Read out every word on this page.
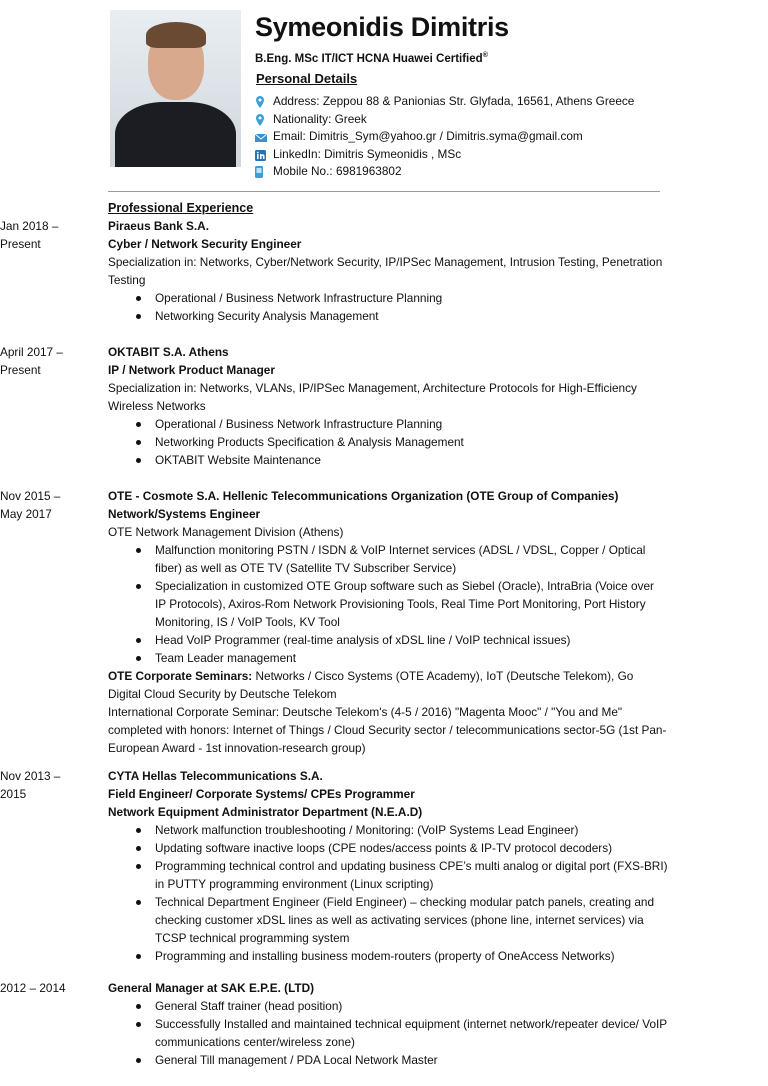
Symeonidis Dimitris
B.Eng. MSc IT/ICT HCNA Huawei Certified®
Personal Details
Address: Zeppou 88 & Panionias Str. Glyfada, 16561, Athens Greece
Nationality: Greek
Email: Dimitris_Sym@yahoo.gr / Dimitris.syma@gmail.com
LinkedIn: Dimitris Symeonidis , MSc
Mobile No.: 6981963802
Professional Experience
Jan 2018 –
Present
Piraeus Bank S.A.
Cyber / Network Security Engineer
Specialization in: Networks, Cyber/Network Security, IP/IPSec Management, Intrusion Testing, Penetration Testing
Operational / Business Network Infrastructure Planning
Networking Security Analysis Management
April 2017 –
Present
OKTABIT S.A. Athens
IP / Network Product Manager
Specialization in: Networks, VLANs, IP/IPSec Management, Architecture Protocols for High-Efficiency Wireless Networks
Operational / Business Network Infrastructure Planning
Networking Products Specification & Analysis Management
OKTABIT Website Maintenance
Nov 2015 –
May 2017
OTE - Cosmote S.A. Hellenic Telecommunications Organization (OTE Group of Companies)
Network/Systems Engineer
OTE Network Management Division (Athens)
Malfunction monitoring PSTN / ISDN & VoIP Internet services (ADSL / VDSL, Copper / Optical fiber) as well as OTE TV (Satellite TV Subscriber Service)
Specialization in customized OTE Group software such as Siebel (Oracle), IntraBria (Voice over IP Protocols), Axiros-Rom Network Provisioning Tools, Real Time Port Monitoring, Port History Monitoring, IS / VoIP Tools, KV Tool
Head VoIP Programmer (real-time analysis of xDSL line / VoIP technical issues)
Team Leader management
OTE Corporate Seminars: Networks / Cisco Systems (OTE Academy), IoT (Deutsche Telekom), Go Digital Cloud Security by Deutsche Telekom
International Corporate Seminar: Deutsche Telekom's (4-5 / 2016) "Magenta Mooc" / "You and Me" completed with honors: Internet of Things / Cloud Security sector / telecommunications sector-5G (1st Pan-European Award - 1st innovation-research group)
Nov 2013 –
2015
CYTA Hellas Telecommunications S.A.
Field Engineer/ Corporate Systems/ CPEs Programmer
Network Equipment Administrator Department (N.E.A.D)
Network malfunction troubleshooting / Monitoring: (VoIP Systems Lead Engineer)
Updating software inactive loops (CPE nodes/access points & IP-TV protocol decoders)
Programming technical control and updating business CPE’s multi analog or digital port (FXS-BRI) in PUTTY programming environment (Linux scripting)
Technical Department Engineer (Field Engineer) – checking modular patch panels, creating and checking customer xDSL lines as well as activating services (phone line, internet services) via TCSP technical programming system
Programming and installing business modem-routers (property of OneAccess Networks)
2012 – 2014	General Manager at SAK E.P.E. (LTD)
General Staff trainer (head position)
Successfully Installed and maintained technical equipment (internet network/repeater device/ VoIP communications center/wireless zone)
General Till management / PDA Local Network Master
